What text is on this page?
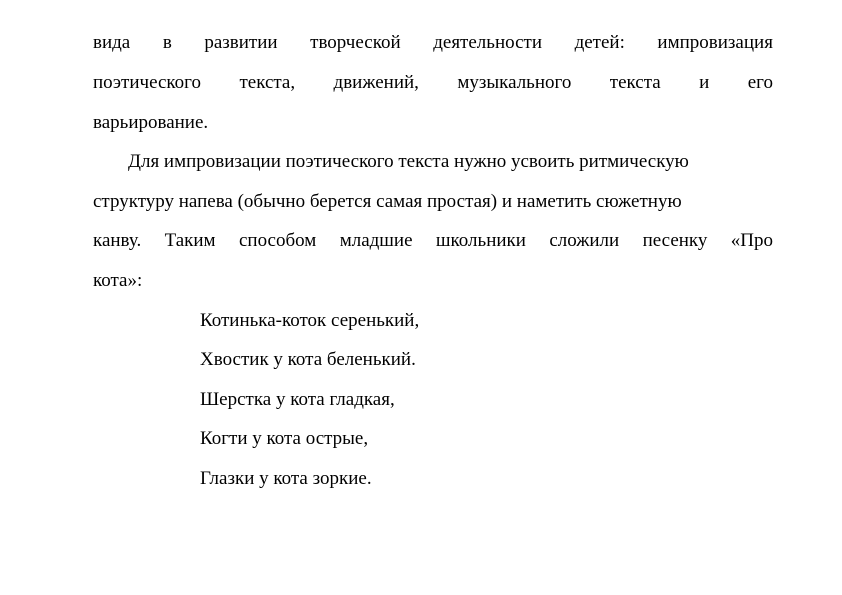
вида в развитии творческой деятельности детей: импровизация
поэтического текста, движений, музыкального текста и его
варьирование.
Для импровизации поэтического текста нужно усвоить ритмическую
структуру напева (обычно берется самая простая) и наметить сюжетную
канву. Таким способом младшие школьники сложили песенку «Про
кота»:
Котинька-коток серенький,
Хвостик у кота беленький.
Шерстка у кота гладкая,
Когти у кота острые,
Глазки у кота зоркие.
